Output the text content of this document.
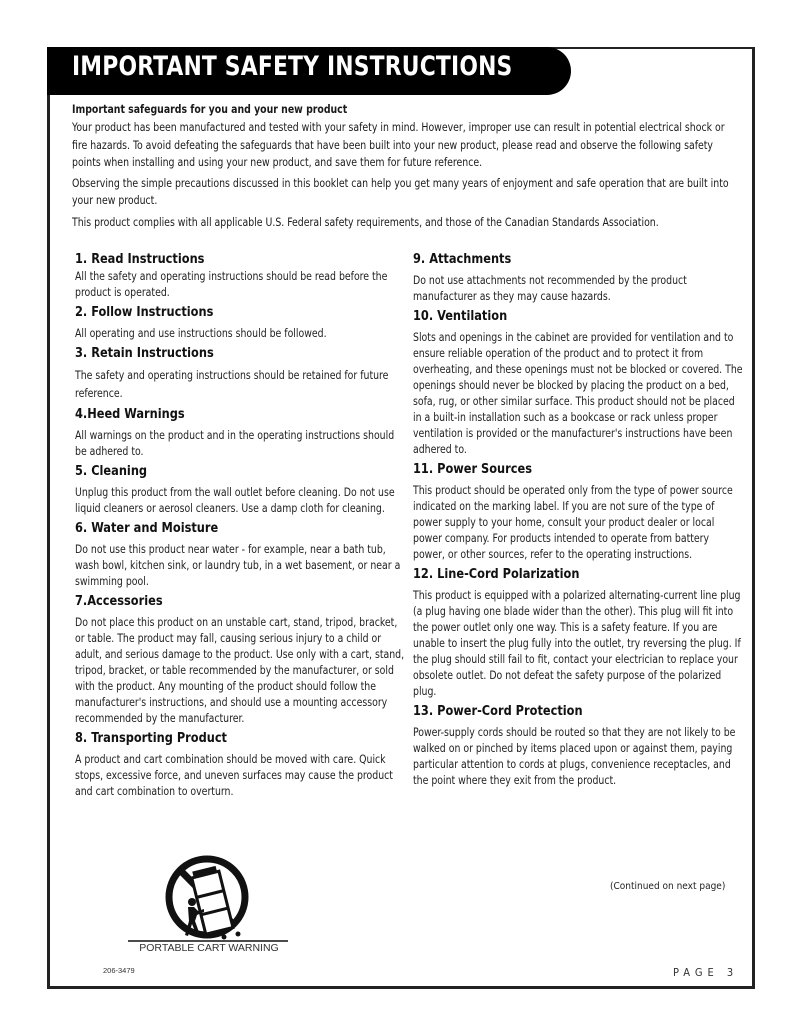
IMPORTANT SAFETY INSTRUCTIONS

Important safeguards for you and your new product

Your product has been manufactured and tested with your safety in mind. However, improper use can result in potential electrical shock or fire hazards. To avoid defeating the safeguards that have been built into your new product, please read and observe the following safety points when installing and using your new product, and save them for future reference.

Observing the simple precautions discussed in this booklet can help you get many years of enjoyment and safe operation that are built into your new product.

This product complies with all applicable U.S. Federal safety requirements, and those of the Canadian Standards Association.

1. Read Instructions
All the safety and operating instructions should be read before the product is operated.
2. Follow Instructions
All operating and use instructions should be followed.
3. Retain Instructions
The safety and operating instructions should be retained for future reference.
4.Heed Warnings
All warnings on the product and in the operating instructions should be adhered to.
5. Cleaning
Unplug this product from the wall outlet before cleaning. Do not use liquid cleaners or aerosol cleaners. Use a damp cloth for cleaning.
6. Water and Moisture
Do not use this product near water - for example, near a bath tub, wash bowl, kitchen sink, or laundry tub, in a wet basement, or near a swimming pool.
7.Accessories
Do not place this product on an unstable cart, stand, tripod, bracket, or table. The product may fall, causing serious injury to a child or adult, and serious damage to the product. Use only with a cart, stand, tripod, bracket, or table recommended by the manufacturer, or sold with the product. Any mounting of the product should follow the manufacturer's instructions, and should use a mounting accessory recommended by the manufacturer.
8. Transporting Product
A product and cart combination should be moved with care. Quick stops, excessive force, and uneven surfaces may cause the product and cart combination to overturn.
9. Attachments
Do not use attachments not recommended by the product manufacturer as they may cause hazards.
10. Ventilation
Slots and openings in the cabinet are provided for ventilation and to ensure reliable operation of the product and to protect it from overheating, and these openings must not be blocked or covered. The openings should never be blocked by placing the product on a bed, sofa, rug, or other similar surface. This product should not be placed in a built-in installation such as a bookcase or rack unless proper ventilation is provided or the manufacturer's instructions have been adhered to.
11. Power Sources
This product should be operated only from the type of power source indicated on the marking label. If you are not sure of the type of power supply to your home, consult your product dealer or local power company. For products intended to operate from battery power, or other sources, refer to the operating instructions.
12. Line-Cord Polarization
This product is equipped with a polarized alternating-current line plug (a plug having one blade wider than the other). This plug will fit into the power outlet only one way. This is a safety feature. If you are unable to insert the plug fully into the outlet, try reversing the plug. If the plug should still fail to fit, contact your electrician to replace your obsolete outlet. Do not defeat the safety purpose of the polarized plug.
13. Power-Cord Protection
Power-supply cords should be routed so that they are not likely to be walked on or pinched by items placed upon or against them, paying particular attention to cords at plugs, convenience receptacles, and the point where they exit from the product.
PORTABLE CART WARNING
206-3479
(Continued on next page)
PAGE 3
